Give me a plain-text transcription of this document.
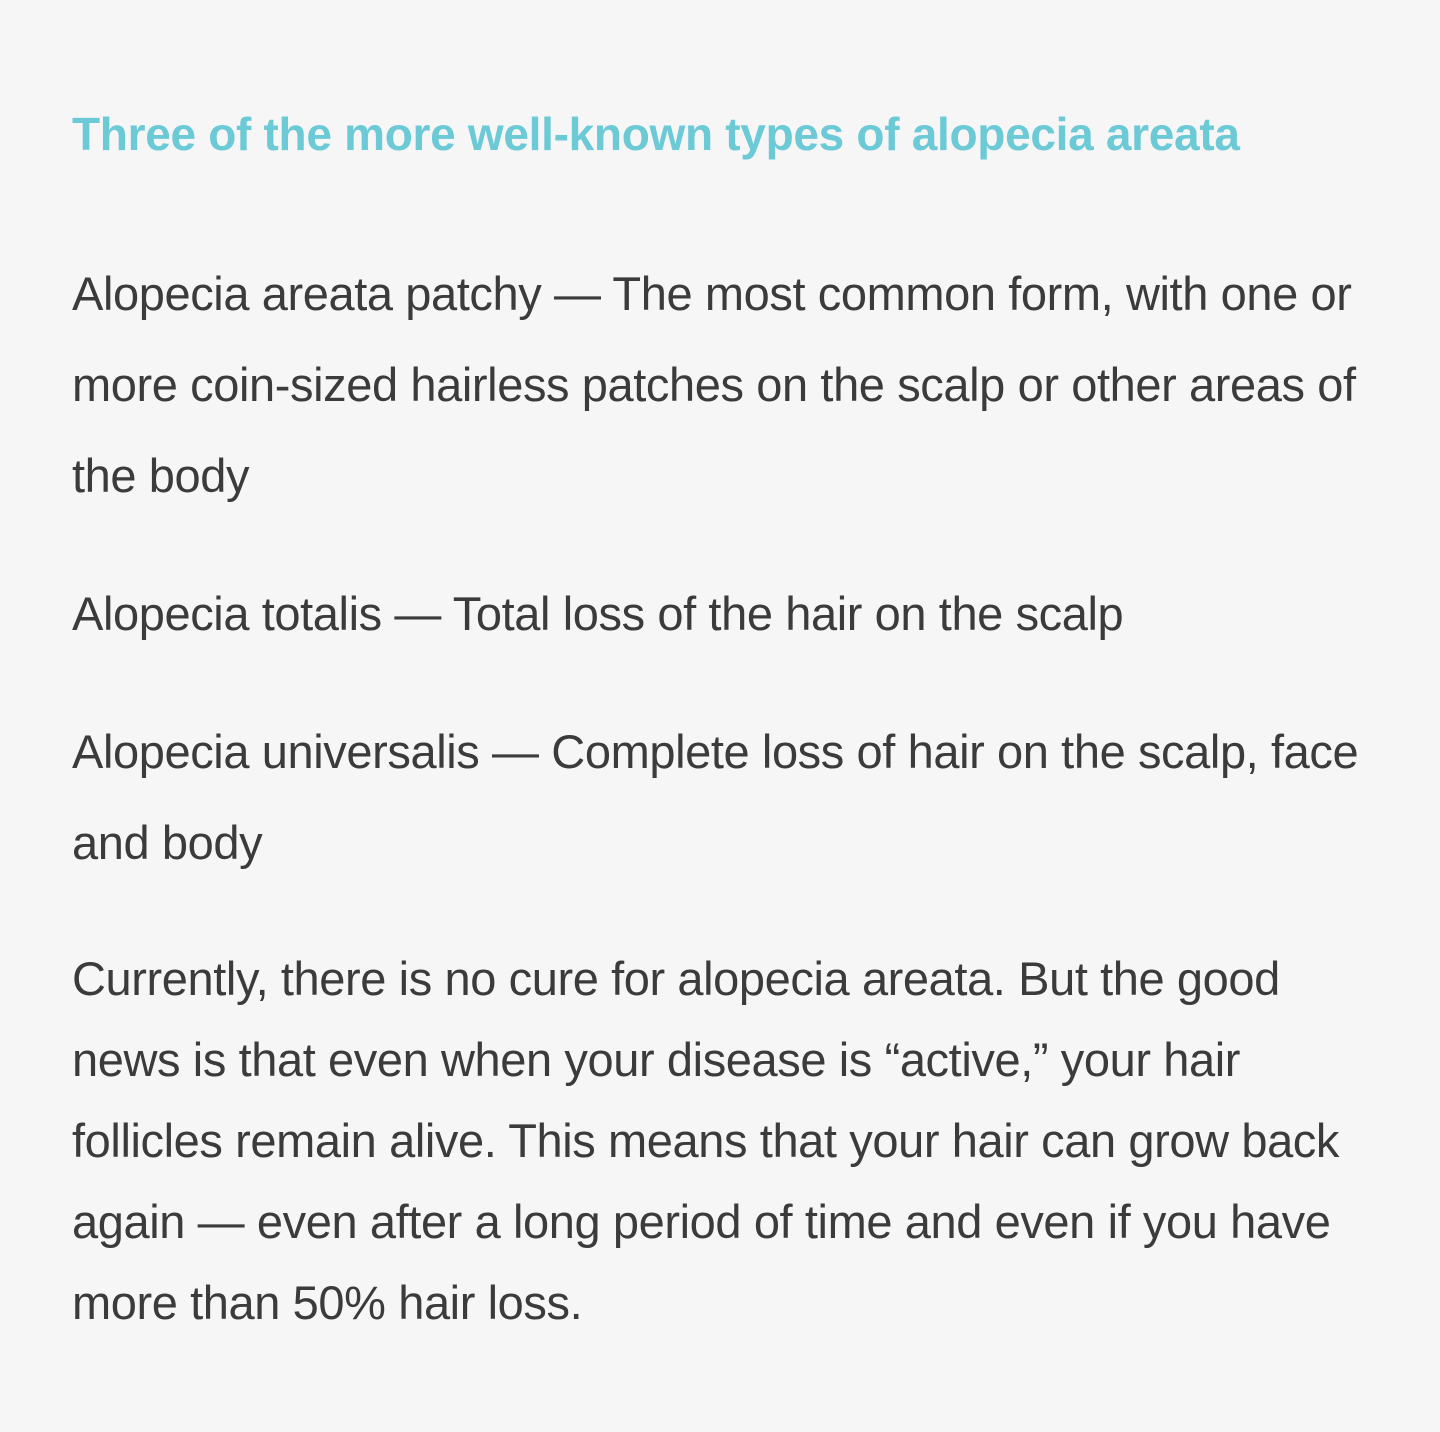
Three of the more well-known types of alopecia areata

Alopecia areata patchy — The most common form, with one or more coin-sized hairless patches on the scalp or other areas of the body

Alopecia totalis — Total loss of the hair on the scalp

Alopecia universalis — Complete loss of hair on the scalp, face and body

Currently, there is no cure for alopecia areata. But the good news is that even when your disease is “active,” your hair follicles remain alive. This means that your hair can grow back again — even after a long period of time and even if you have more than 50% hair loss.
